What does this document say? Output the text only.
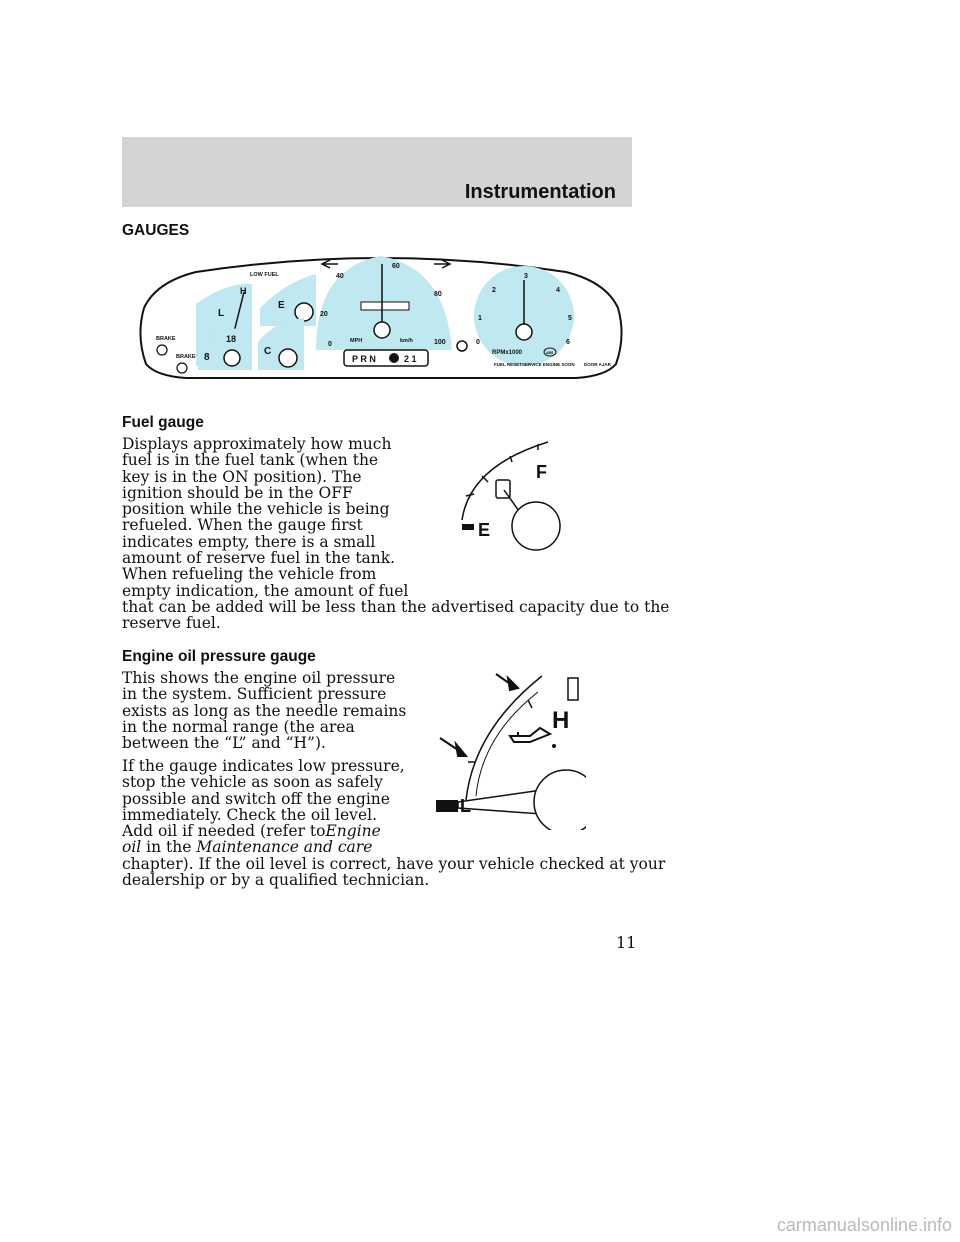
Instrumentation
GAUGES
L
H
8
18
E
C
LOW FUEL
BRAKE
BRAKE
0
20
40
60
80
100
MPH	km/h
P R N	2 1
0
1
2
3
4
5
6
RPMx1000
FUEL RESET SERVICE ENGINE SOON DOOR AJAR
ABS
Fuel gauge

Displays approximately how much
fuel is in the fuel tank (when the
key is in the ON position). The
ignition should be in the OFF
position while the vehicle is being
refueled. When the gauge first
indicates empty, there is a small
amount of reserve fuel in the tank.
When refueling the vehicle from
empty indication, the amount of fuel
that can be added will be less than the advertised capacity due to the
reserve fuel.

F
E
Engine oil pressure gauge

This shows the engine oil pressure
in the system. Sufficient pressure
exists as long as the needle remains
in the normal range (the area
between the “L” and “H”).

If the gauge indicates low pressure,
stop the vehicle as soon as safely
possible and switch off the engine
immediately. Check the oil level.
Add oil if needed (refer toEngine
oil in the Maintenance and care
chapter). If the oil level is correct, have your vehicle checked at your
dealership or by a qualified technician.

H
L
11
carmanualsonline.info
